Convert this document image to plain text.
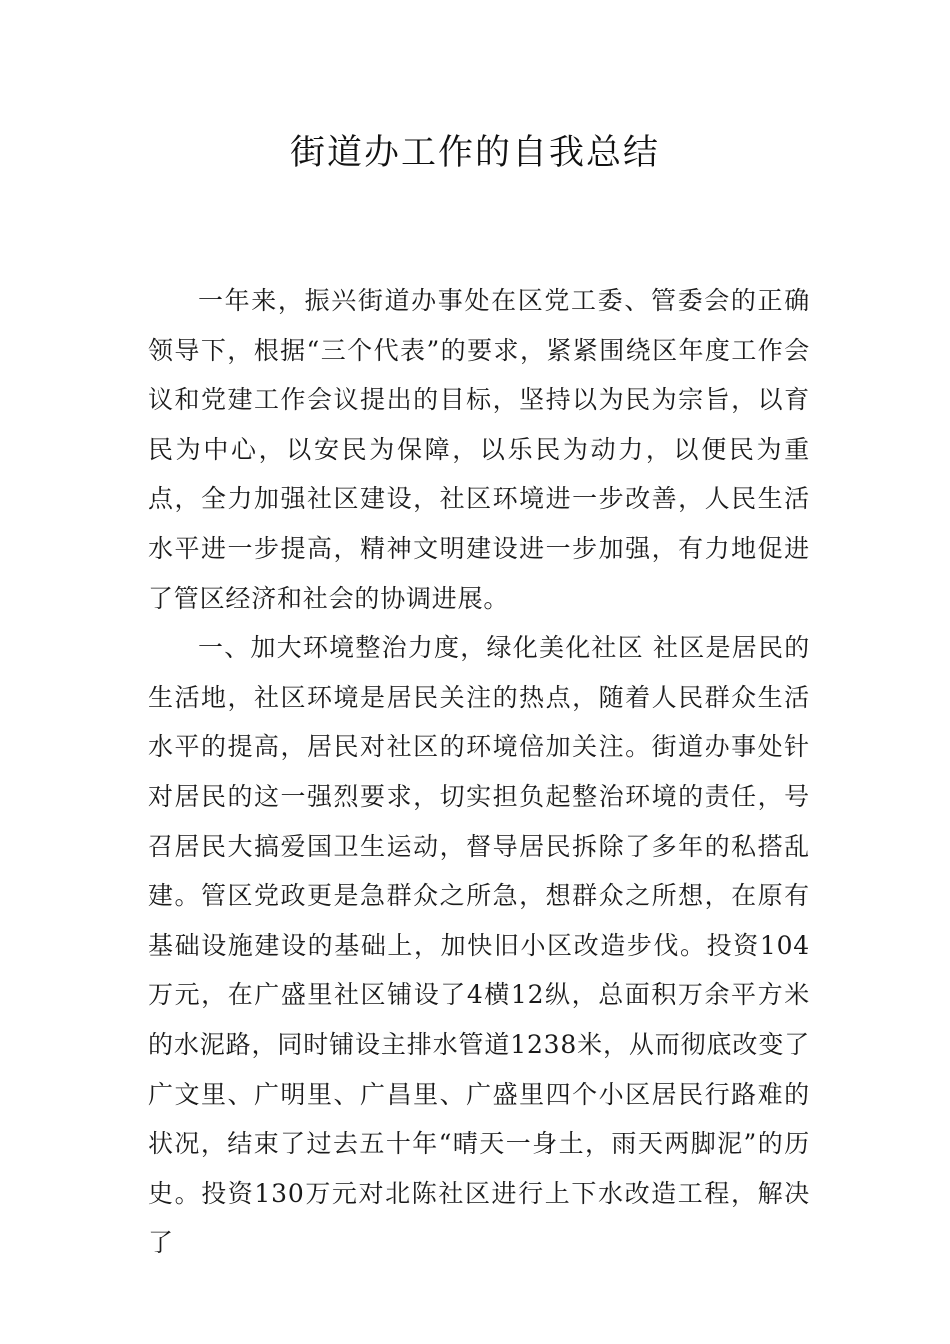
街道办工作的自我总结

一年来，振兴街道办事处在区党工委、管委会的正确领导下，根据“三个代表”的要求，紧紧围绕区年度工作会议和党建工作会议提出的目标，坚持以为民为宗旨，以育民为中心，以安民为保障，以乐民为动力，以便民为重点，全力加强社区建设，社区环境进一步改善，人民生活水平进一步提高，精神文明建设进一步加强，有力地促进了管区经济和社会的协调进展。

一、加大环境整治力度，绿化美化社区 社区是居民的生活地，社区环境是居民关注的热点，随着人民群众生活水平的提高，居民对社区的环境倍加关注。街道办事处针对居民的这一强烈要求，切实担负起整治环境的责任，号召居民大搞爱国卫生运动，督导居民拆除了多年的私搭乱建。管区党政更是急群众之所急，想群众之所想，在原有基础设施建设的基础上，加快旧小区改造步伐。投资104万元，在广盛里社区铺设了4横12纵，总面积万余平方米的水泥路，同时铺设主排水管道1238米，从而彻底改变了广文里、广明里、广昌里、广盛里四个小区居民行路难的状况，结束了过去五十年“晴天一身土，雨天两脚泥”的历史。投资130万元对北陈社区进行上下水改造工程，解决了
